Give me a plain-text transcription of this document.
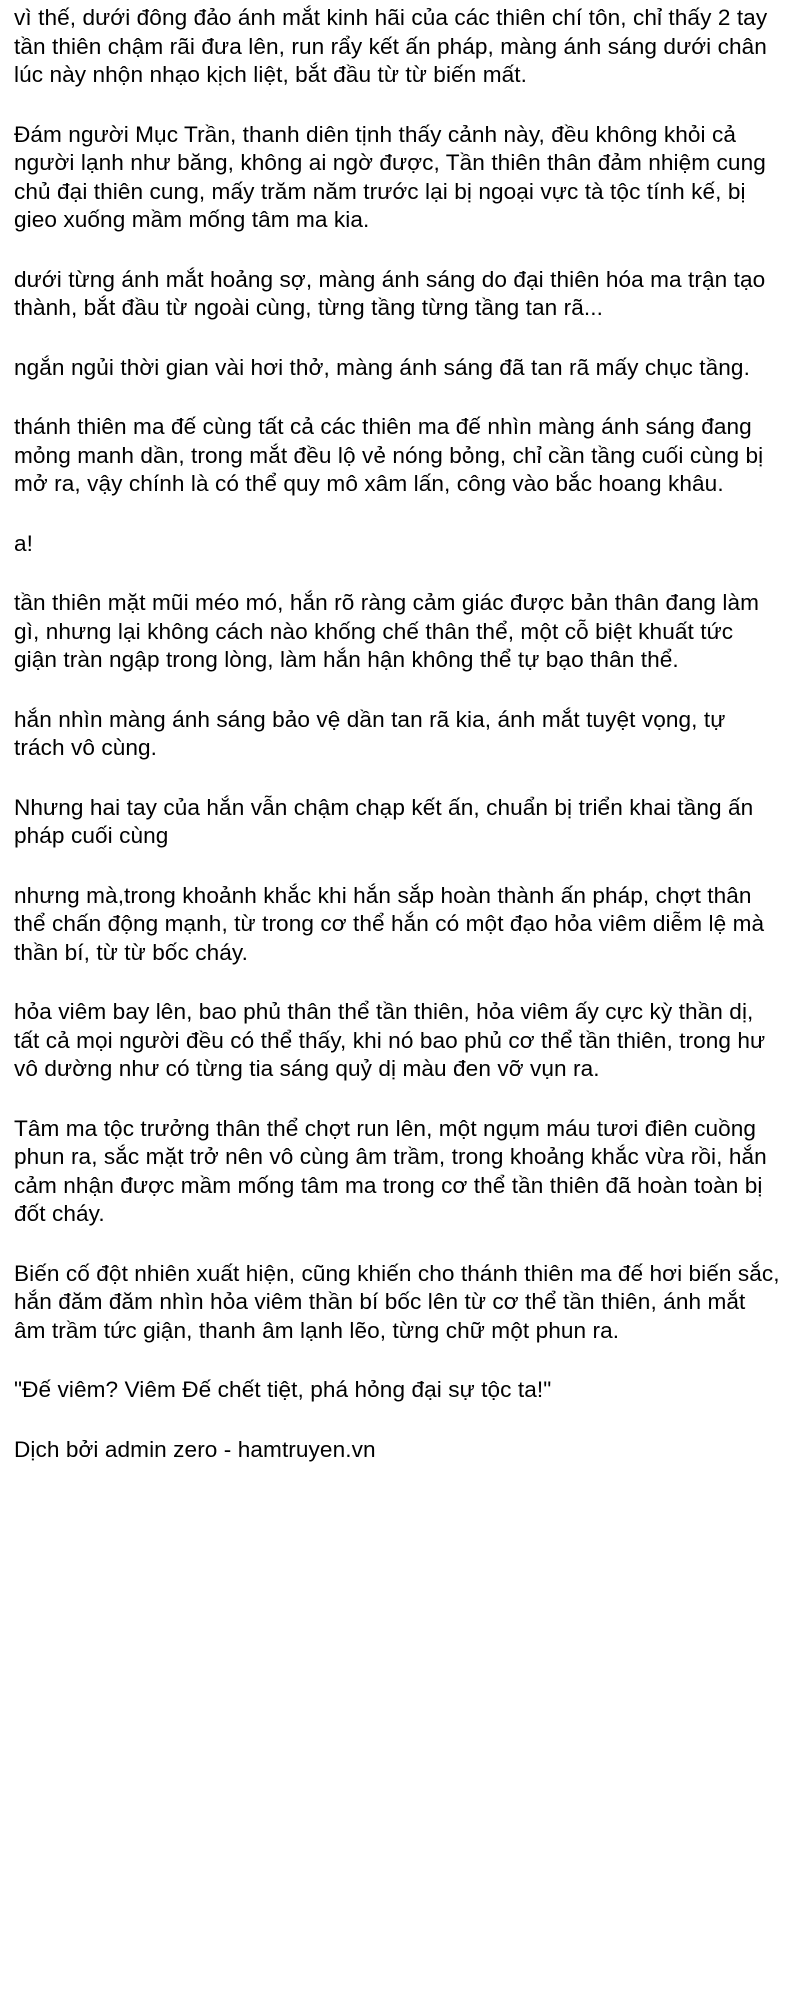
vì thế, dưới đông đảo ánh mắt kinh hãi của các thiên chí tôn, chỉ thấy 2 tay tần thiên chậm rãi đưa lên, run rẩy kết ấn pháp, màng ánh sáng dưới chân lúc này nhộn nhạo kịch liệt, bắt đầu từ từ biến mất.

Đám người Mục Trần, thanh diên tịnh thấy cảnh này, đều không khỏi cả người lạnh như băng, không ai ngờ được, Tần thiên thân đảm nhiệm cung chủ đại thiên cung, mấy trăm năm trước lại bị ngoại vực tà tộc tính kế, bị gieo xuống mầm mống tâm ma kia.

dưới từng ánh mắt hoảng sợ, màng ánh sáng do đại thiên hóa ma trận tạo thành, bắt đầu từ ngoài cùng, từng tầng từng tầng tan rã...

ngắn ngủi thời gian vài hơi thở, màng ánh sáng đã tan rã mấy chục tầng.

thánh thiên ma đế cùng tất cả các thiên ma đế nhìn màng ánh sáng đang mỏng manh dần, trong mắt đều lộ vẻ nóng bỏng, chỉ cần tầng cuối cùng bị mở ra, vậy chính là có thể quy mô xâm lấn, công vào bắc hoang khâu.

a!

tần thiên mặt mũi méo mó, hắn rõ ràng cảm giác được bản thân đang làm gì, nhưng lại không cách nào khống chế thân thể, một cỗ biệt khuất tức giận tràn ngập trong lòng, làm hắn hận không thể tự bạo thân thể.

hắn nhìn màng ánh sáng bảo vệ dần tan rã kia, ánh mắt tuyệt vọng, tự trách vô cùng.

Nhưng hai tay của hắn vẫn chậm chạp kết ấn, chuẩn bị triển khai tầng ấn pháp cuối cùng

nhưng mà,trong khoảnh khắc khi hắn sắp hoàn thành ấn pháp, chợt thân thể chấn động mạnh, từ trong cơ thể hắn có một đạo hỏa viêm diễm lệ mà thần bí, từ từ bốc cháy.

hỏa viêm bay lên, bao phủ thân thể tần thiên, hỏa viêm ấy cực kỳ thần dị, tất cả mọi người đều có thể thấy, khi nó bao phủ cơ thể tần thiên, trong hư vô dường như có từng tia sáng quỷ dị màu đen vỡ vụn ra.

Tâm ma tộc trưởng thân thể chợt run lên, một ngụm máu tươi điên cuồng phun ra, sắc mặt trở nên vô cùng âm trầm, trong khoảng khắc vừa rồi, hắn cảm nhận được mầm mống tâm ma trong cơ thể tần thiên đã hoàn toàn bị đốt cháy.

Biến cố đột nhiên xuất hiện, cũng khiến cho thánh thiên ma đế hơi biến sắc, hắn đăm đăm nhìn hỏa viêm thần bí bốc lên từ cơ thể tần thiên, ánh mắt âm trầm tức giận, thanh âm lạnh lẽo, từng chữ một phun ra.

"Đế viêm? Viêm Đế chết tiệt, phá hỏng đại sự tộc ta!"

Dịch bởi admin zero - hamtruyen.vn
